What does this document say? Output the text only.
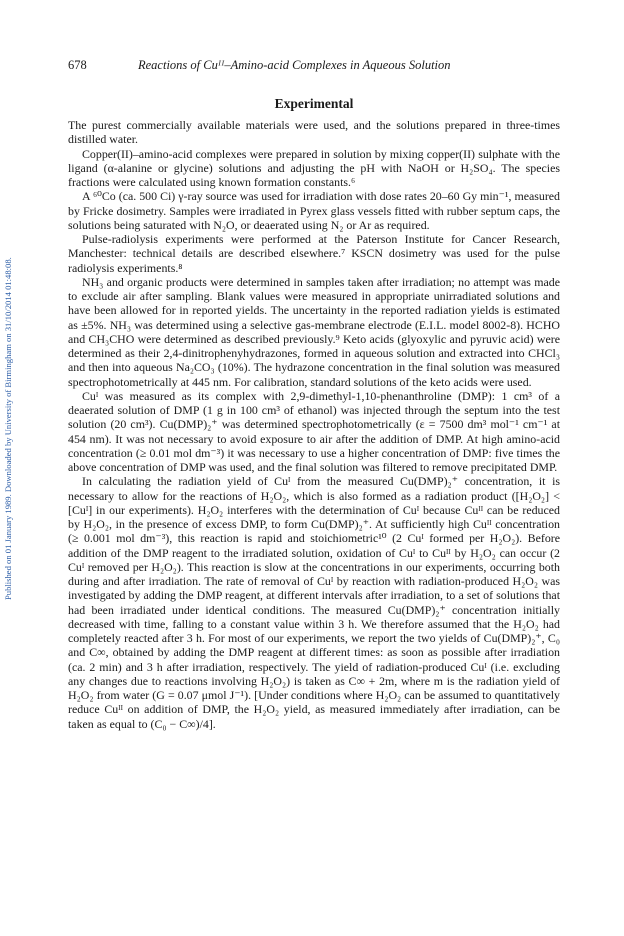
678	Reactions of Cuᴵᴵ–Amino-acid Complexes in Aqueous Solution
Published on 01 January 1989. Downloaded by University of Birmingham on 31/10/2014 01:48:08.
Experimental

The purest commercially available materials were used, and the solutions prepared in three-times distilled water.

Copper(II)–amino-acid complexes were prepared in solution by mixing copper(II) sulphate with the ligand (α-alanine or glycine) solutions and adjusting the pH with NaOH or H₂SO₄. The species fractions were calculated using known formation constants.⁶

A ⁶⁰Co (ca. 500 Ci) γ-ray source was used for irradiation with dose rates 20–60 Gy min⁻¹, measured by Fricke dosimetry. Samples were irradiated in Pyrex glass vessels fitted with rubber septum caps, the solutions being saturated with N₂O, or deaerated using N₂ or Ar as required.

Pulse-radiolysis experiments were performed at the Paterson Institute for Cancer Research, Manchester: technical details are described elsewhere.⁷ KSCN dosimetry was used for the pulse radiolysis experiments.⁸

NH₃ and organic products were determined in samples taken after irradiation; no attempt was made to exclude air after sampling. Blank values were measured in appropriate unirradiated solutions and have been allowed for in reported yields. The uncertainty in the reported radiation yields is estimated as ±5%. NH₃ was determined using a selective gas-membrane electrode (E.I.L. model 8002-8). HCHO and CH₃CHO were determined as described previously.⁹ Keto acids (glyoxylic and pyruvic acid) were determined as their 2,4-dinitrophenyhydrazones, formed in aqueous solution and extracted into CHCl₃ and then into aqueous Na₂CO₃ (10%). The hydrazone concentration in the final solution was measured spectrophotometrically at 445 nm. For calibration, standard solutions of the keto acids were used.

Cuᴵ was measured as its complex with 2,9-dimethyl-1,10-phenanthroline (DMP): 1 cm³ of a deaerated solution of DMP (1 g in 100 cm³ of ethanol) was injected through the septum into the test solution (20 cm³). Cu(DMP)₂⁺ was determined spectrophotometrically (ε = 7500 dm³ mol⁻¹ cm⁻¹ at 454 nm). It was not necessary to avoid exposure to air after the addition of DMP. At high amino-acid concentration (≥ 0.01 mol dm⁻³) it was necessary to use a higher concentration of DMP: five times the above concentration of DMP was used, and the final solution was filtered to remove precipitated DMP.

In calculating the radiation yield of Cuᴵ from the measured Cu(DMP)₂⁺ concentration, it is necessary to allow for the reactions of H₂O₂, which is also formed as a radiation product ([H₂O₂] < [Cuᴵ] in our experiments). H₂O₂ interferes with the determination of Cuᴵ because Cuᴵᴵ can be reduced by H₂O₂, in the presence of excess DMP, to form Cu(DMP)₂⁺. At sufficiently high Cuᴵᴵ concentration (≥ 0.001 mol dm⁻³), this reaction is rapid and stoichiometric¹⁰ (2 Cuᴵ formed per H₂O₂). Before addition of the DMP reagent to the irradiated solution, oxidation of Cuᴵ to Cuᴵᴵ by H₂O₂ can occur (2 Cuᴵ removed per H₂O₂). This reaction is slow at the concentrations in our experiments, occurring both during and after irradiation. The rate of removal of Cuᴵ by reaction with radiation-produced H₂O₂ was investigated by adding the DMP reagent, at different intervals after irradiation, to a set of solutions that had been irradiated under identical conditions. The measured Cu(DMP)₂⁺ concentration initially decreased with time, falling to a constant value within 3 h. We therefore assumed that the H₂O₂ had completely reacted after 3 h. For most of our experiments, we report the two yields of Cu(DMP)₂⁺, C₀ and C∞, obtained by adding the DMP reagent at different times: as soon as possible after irradiation (ca. 2 min) and 3 h after irradiation, respectively. The yield of radiation-produced Cuᴵ (i.e. excluding any changes due to reactions involving H₂O₂) is taken as C∞ + 2m, where m is the radiation yield of H₂O₂ from water (G = 0.07 μmol J⁻¹). [Under conditions where H₂O₂ can be assumed to quantitatively reduce Cuᴵᴵ on addition of DMP, the H₂O₂ yield, as measured immediately after irradiation, can be taken as equal to (C₀ − C∞)/4].
